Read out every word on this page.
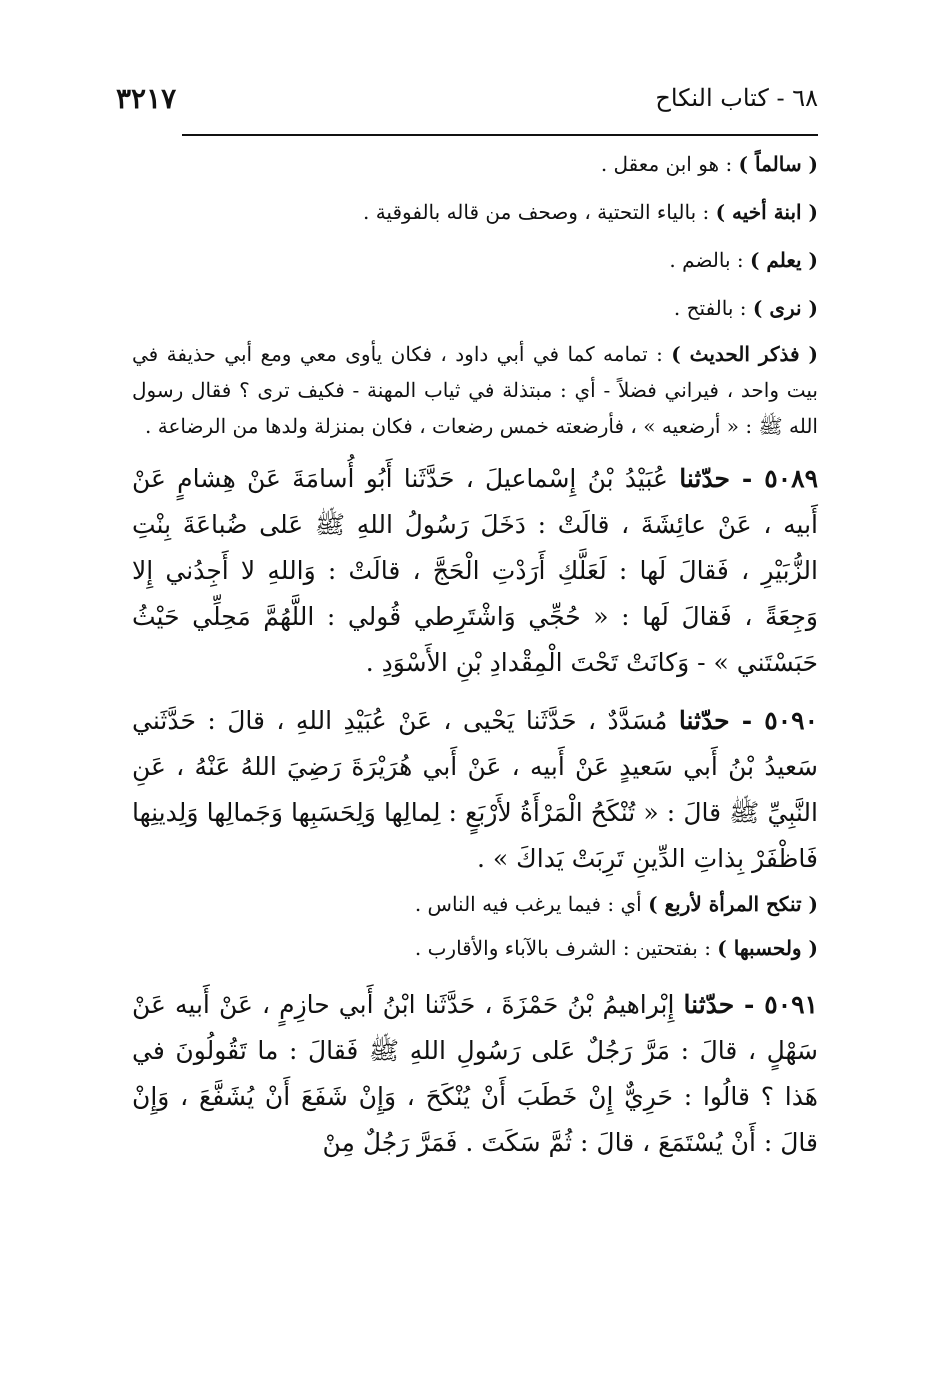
٦٨ - كتاب النكاح
٣٢١٧

( سالماً ) : هو ابن معقل .

( ابنة أخيه ) : بالياء التحتية ، وصحف من قاله بالفوقية .

( يعلم ) : بالضم .

( نرى ) : بالفتح .

( فذكر الحديث ) : تمامه كما في أبي داود ، فكان يأوى معي ومع أبي حذيفة في بيت واحد ، فيراني فضلاً - أي : مبتذلة في ثياب المهنة - فكيف ترى ؟ فقال رسول الله ﷺ : « أرضعيه » ، فأرضعته خمس رضعات ، فكان بمنزلة ولدها من الرضاعة .

٥٠٨٩ - حدّثنا عُبَيْدُ بْنُ إِسْماعيلَ ، حَدَّثَنا أَبُو أُسامَةَ عَنْ هِشامٍ عَنْ أَبيه ، عَنْ عائِشَةَ ، قالَتْ : دَخَلَ رَسُولُ اللهِ ﷺ عَلى ضُباعَةَ بِنْتِ الزُّبَيْرِ ، فَقالَ لَها : لَعَلَّكِ أَرَدْتِ الْحَجَّ ، قالَتْ : وَاللهِ لا أَجِدُني إِلا وَجِعَةً ، فَقالَ لَها : « حُجِّي وَاشْتَرِطي قُولي : اللَّهُمَّ مَحِلِّي حَيْثُ حَبَسْتَني » - وَكانَتْ تَحْتَ الْمِقْدادِ بْنِ الأَسْوَدِ .

٥٠٩٠ - حدّثنا مُسَدَّدٌ ، حَدَّثَنا يَحْيى ، عَنْ عُبَيْدِ اللهِ ، قالَ : حَدَّثَني سَعيدُ بْنُ أَبي سَعيدٍ عَنْ أَبيه ، عَنْ أَبي هُرَيْرَةَ رَضِيَ اللهُ عَنْهُ ، عَنِ النَّبِيِّ ﷺ قالَ : « تُنْكَحُ الْمَرْأَةُ لأَرْبَعٍ : لِمالِها وَلِحَسَبِها وَجَمالِها وَلِدينِها فَاظْفَرْ بِذاتِ الدِّينِ تَرِبَتْ يَداكَ » .

( تنكح المرأة لأربع ) أي : فيما يرغب فيه الناس .

( ولحسبها ) : بفتحتين : الشرف بالآباء والأقارب .

٥٠٩١ - حدّثنا إِبْراهيمُ بْنُ حَمْزَةَ ، حَدَّثَنا ابْنُ أَبي حازِمٍ ، عَنْ أَبيه عَنْ سَهْلٍ ، قالَ : مَرَّ رَجُلٌ عَلى رَسُولِ اللهِ ﷺ فَقالَ : ما تَقُولُونَ في هَذا ؟ قالُوا : حَرِيٌّ إِنْ خَطَبَ أَنْ يُنْكَحَ ، وَإِنْ شَفَعَ أَنْ يُشَفَّعَ ، وَإِنْ قالَ : أَنْ يُسْتَمَعَ ، قالَ : ثُمَّ سَكَتَ . فَمَرَّ رَجُلٌ مِنْ
